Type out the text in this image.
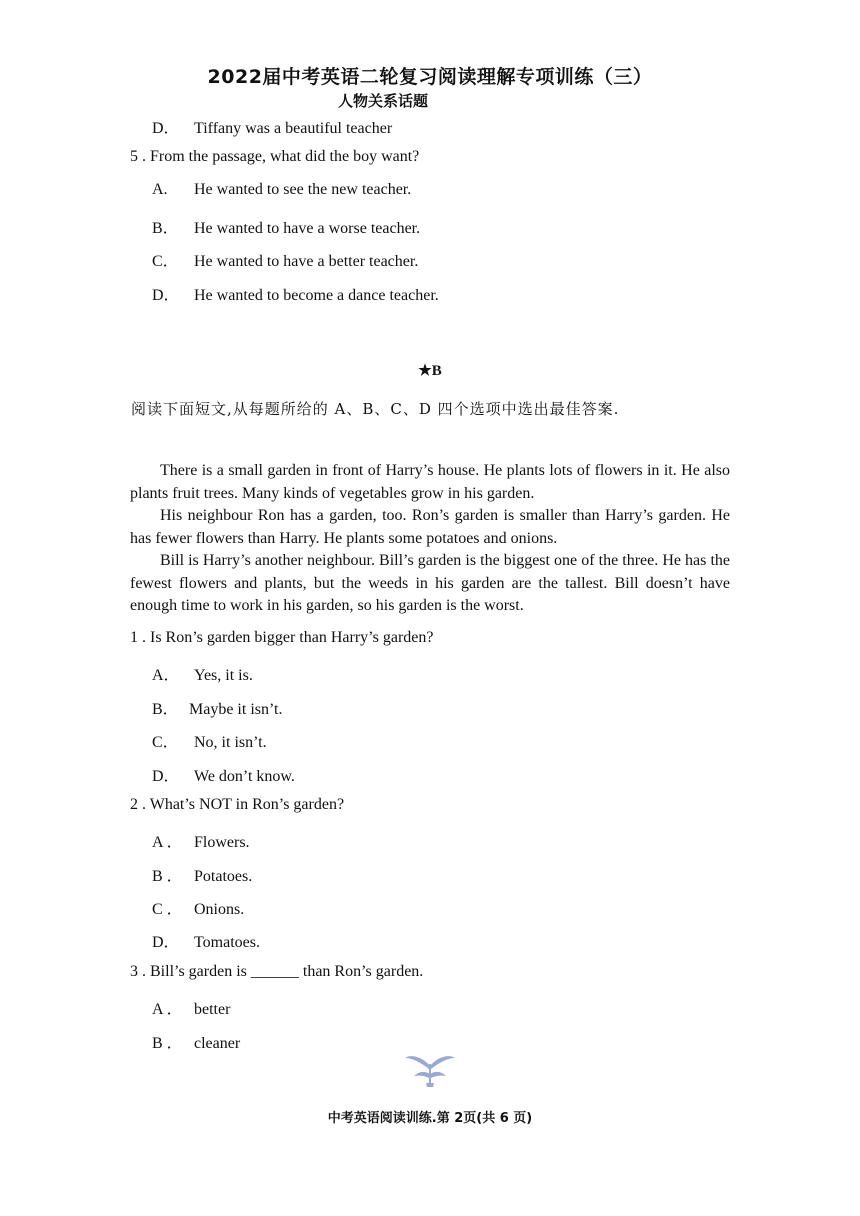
2022届中考英语二轮复习阅读理解专项训练（三）
人物关系话题
D． Tiffany was a beautiful teacher
5 . From the passage, what did the boy want?
A. He wanted to see the new teacher.
B． He wanted to have a worse teacher.
C． He wanted to have a better teacher.
D． He wanted to become a dance teacher.
★B
阅读下面短文,从每题所给的 A、B、C、D 四个选项中选出最佳答案.

There is a small garden in front of Harry’s house. He plants lots of flowers in it. He also plants fruit trees. Many kinds of vegetables grow in his garden.

His neighbour Ron has a garden, too. Ron’s garden is smaller than Harry’s garden. He has fewer flowers than Harry. He plants some potatoes and onions.

Bill is Harry’s another neighbour. Bill’s garden is the biggest one of the three. He has the fewest flowers and plants, but the weeds in his garden are the tallest. Bill doesn’t have enough time to work in his garden, so his garden is the worst.

1 . Is Ron’s garden bigger than Harry’s garden?
A． Yes, it is.
B． Maybe it isn’t.
C． No, it isn’t.
D． We don’t know.
2 . What’s NOT in Ron’s garden?
A ． Flowers.
B ． Potatoes.
C ． Onions.
D． Tomatoes.
3 . Bill’s garden is ______ than Ron’s garden.
A ． better
B ． cleaner
中考英语阅读训练.第 2页(共 6 页)
